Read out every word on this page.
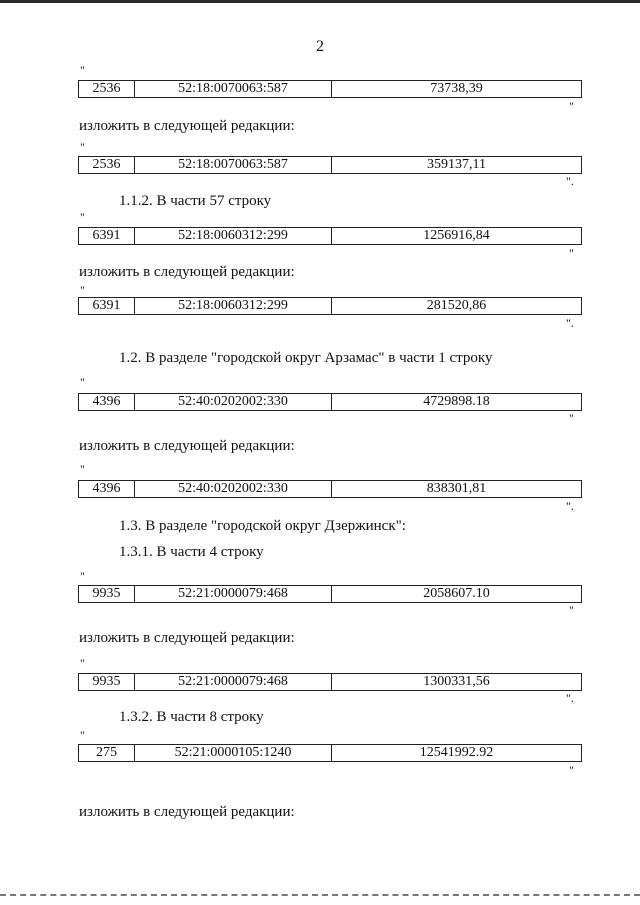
2
"
2536	52:18:0070063:587	73738,39
"
изложить в следующей редакции:
"
2536	52:18:0070063:587	359137,11
".
1.1.2. В части 57 строку
"
6391	52:18:0060312:299	1256916,84
"
изложить в следующей редакции:
"
6391	52:18:0060312:299	281520,86
".
1.2. В разделе "городской округ Арзамас" в части 1 строку
"
4396	52:40:0202002:330	4729898.18
"
изложить в следующей редакции:
"
4396	52:40:0202002:330	838301,81
".
1.3. В разделе "городской округ Дзержинск":
1.3.1. В части 4 строку
"
9935	52:21:0000079:468	2058607.10
"
изложить в следующей редакции:
"
9935	52:21:0000079:468	1300331,56
".
1.3.2. В части 8 строку
"
275	52:21:0000105:1240	12541992.92
"
изложить в следующей редакции:
